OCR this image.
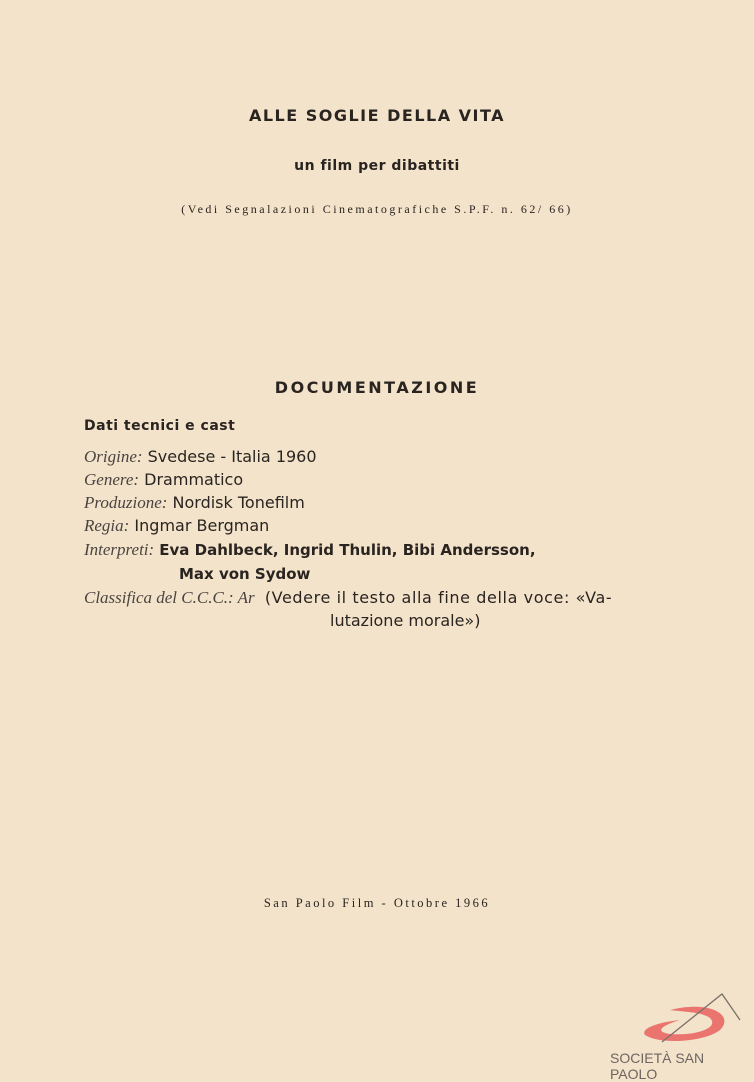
ALLE SOGLIE DELLA VITA
un film per dibattiti
(Vedi Segnalazioni Cinematografiche S.P.F. n. 62/ 66)
DOCUMENTAZIONE
Dati tecnici e cast
Origine: Svedese - Italia 1960
Genere: Drammatico
Produzione: Nordisk Tonefilm
Regia: Ingmar Bergman
Interpreti: Eva Dahlbeck, Ingrid Thulin, Bibi Andersson,
Max von Sydow
Classifica del C.C.C.: Ar (Vedere il testo alla fine della voce: «Va-
lutazione morale»)
San Paolo Film - Ottobre 1966
SOCIETÀ SAN PAOLO
